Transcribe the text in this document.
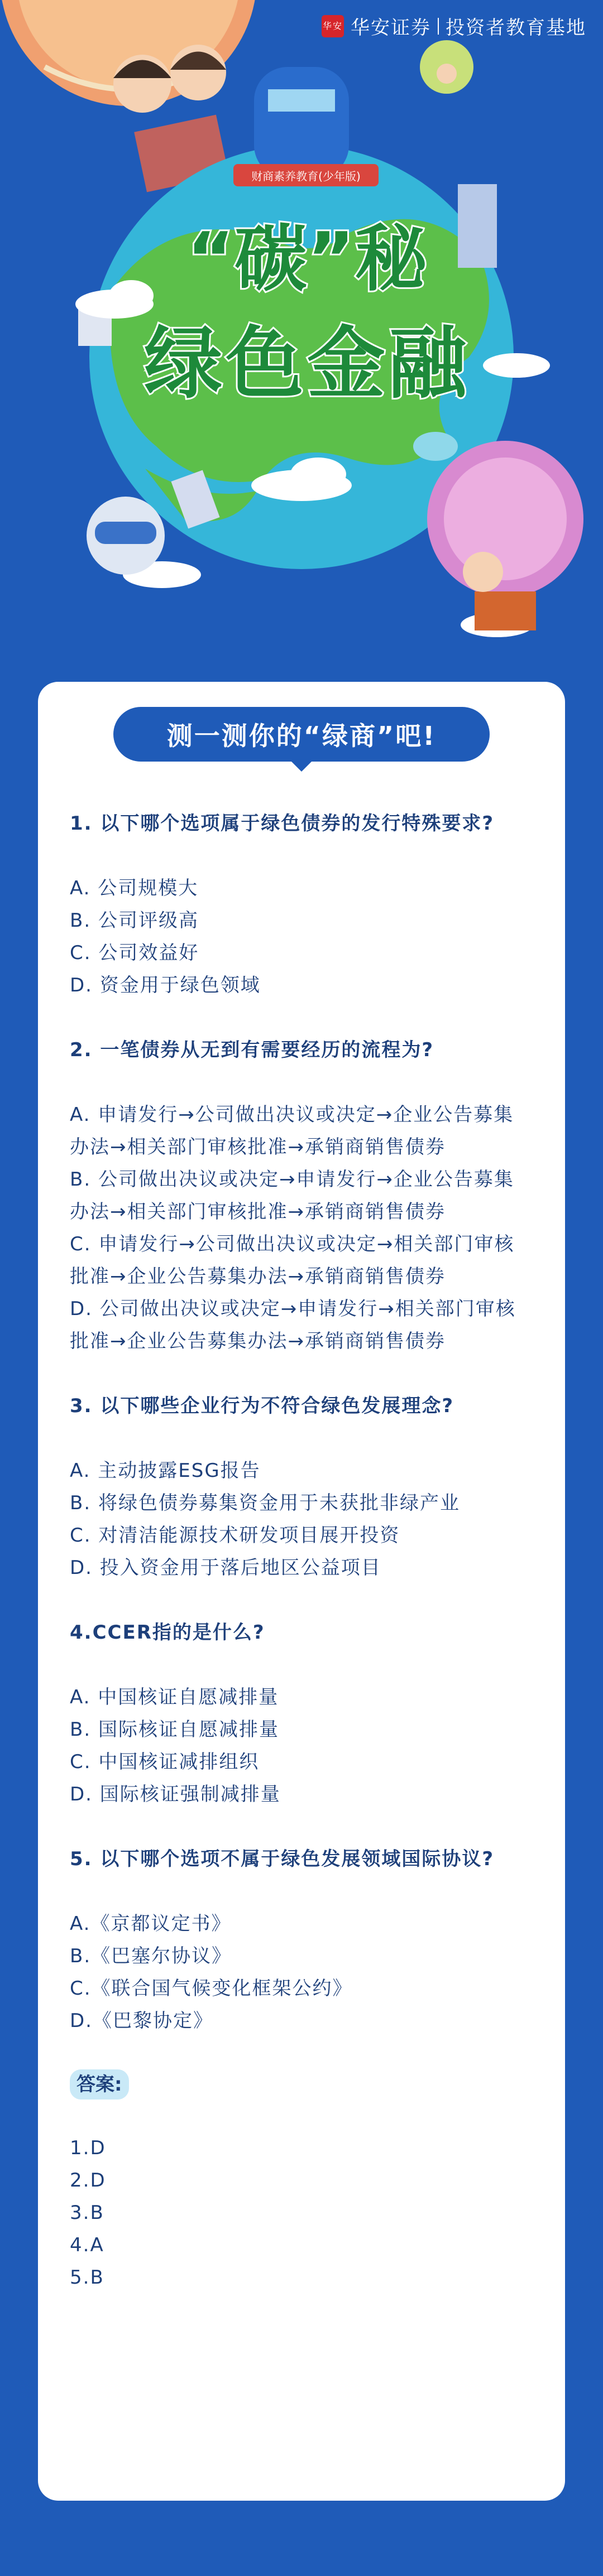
华安 华安证券 投资者教育基地
财商素养教育(少年版)
“碳”秘
绿色金融
测一测你的“绿商”吧!

1. 以下哪个选项属于绿色债券的发行特殊要求?

A. 公司规模大

B. 公司评级高

C. 公司效益好

D. 资金用于绿色领域

2. 一笔债券从无到有需要经历的流程为?

A. 申请发行→公司做出决议或决定→企业公告募集办法→相关部门审核批准→承销商销售债券

B. 公司做出决议或决定→申请发行→企业公告募集办法→相关部门审核批准→承销商销售债券

C. 申请发行→公司做出决议或决定→相关部门审核批准→企业公告募集办法→承销商销售债券

D. 公司做出决议或决定→申请发行→相关部门审核批准→企业公告募集办法→承销商销售债券

3. 以下哪些企业行为不符合绿色发展理念?

A. 主动披露ESG报告

B. 将绿色债券募集资金用于未获批非绿产业

C. 对清洁能源技术研发项目展开投资

D. 投入资金用于落后地区公益项目

4.CCER指的是什么?

A. 中国核证自愿减排量

B. 国际核证自愿减排量

C. 中国核证减排组织

D. 国际核证强制减排量

5. 以下哪个选项不属于绿色发展领域国际协议?

A.《京都议定书》

B.《巴塞尔协议》

C.《联合国气候变化框架公约》

D.《巴黎协定》

答案:
1.D
2.D
3.B
4.A
5.B
